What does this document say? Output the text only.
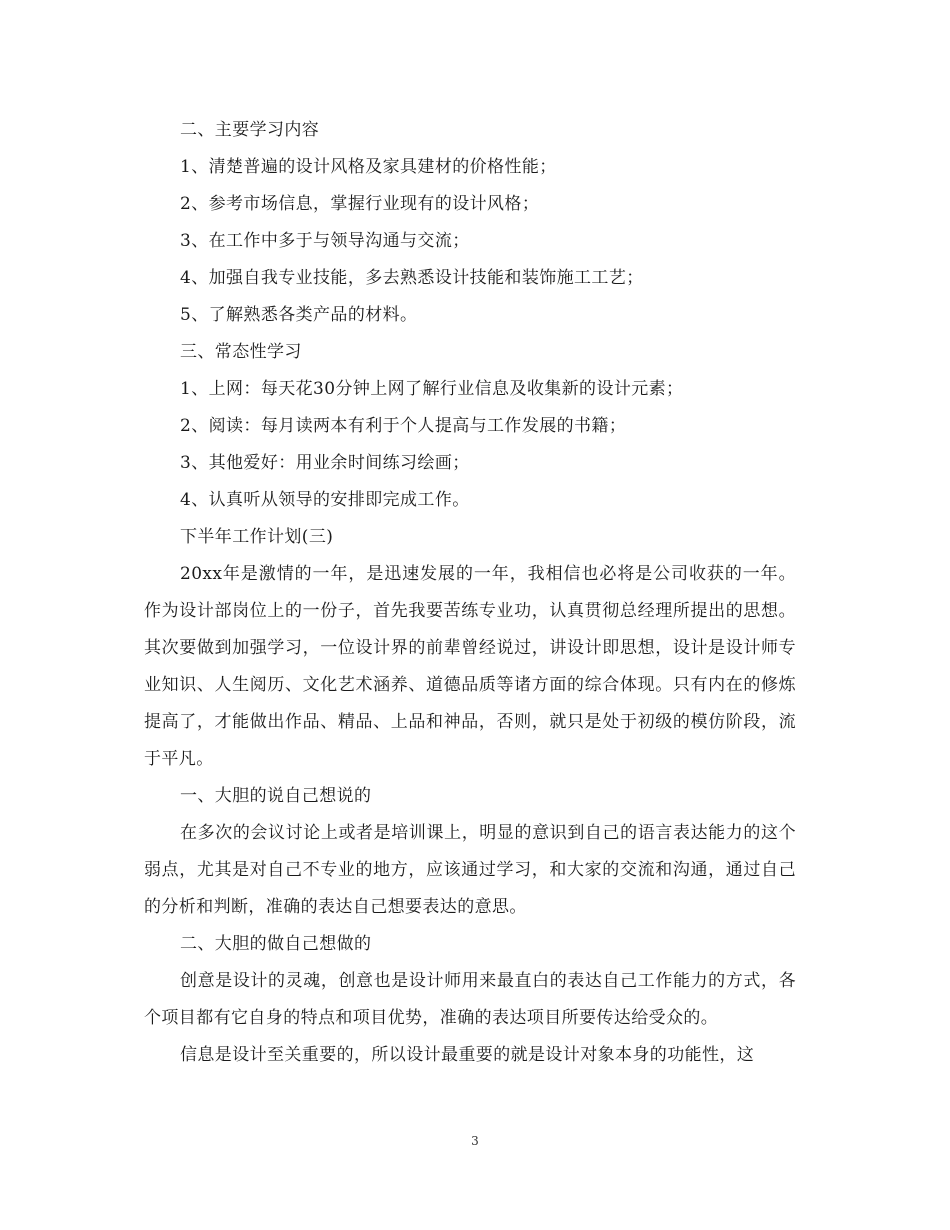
二、主要学习内容

1、清楚普遍的设计风格及家具建材的价格性能；

2、参考市场信息，掌握行业现有的设计风格；

3、在工作中多于与领导沟通与交流；

4、加强自我专业技能，多去熟悉设计技能和装饰施工工艺；

5、了解熟悉各类产品的材料。

三、常态性学习

1、上网：每天花30分钟上网了解行业信息及收集新的设计元素；

2、阅读：每月读两本有利于个人提高与工作发展的书籍；

3、其他爱好：用业余时间练习绘画；

4、认真听从领导的安排即完成工作。

下半年工作计划(三)

20xx年是激情的一年，是迅速发展的一年，我相信也必将是公司收获的一年。作为设计部岗位上的一份子，首先我要苦练专业功，认真贯彻总经理所提出的思想。其次要做到加强学习，一位设计界的前辈曾经说过，讲设计即思想，设计是设计师专业知识、人生阅历、文化艺术涵养、道德品质等诸方面的综合体现。只有内在的修炼提高了，才能做出作品、精品、上品和神品，否则，就只是处于初级的模仿阶段，流于平凡。

一、大胆的说自己想说的

在多次的会议讨论上或者是培训课上，明显的意识到自己的语言表达能力的这个弱点，尤其是对自己不专业的地方，应该通过学习，和大家的交流和沟通，通过自己的分析和判断，准确的表达自己想要表达的意思。

二、大胆的做自己想做的

创意是设计的灵魂，创意也是设计师用来最直白的表达自己工作能力的方式，各个项目都有它自身的特点和项目优势，准确的表达项目所要传达给受众的。

信息是设计至关重要的，所以设计最重要的就是设计对象本身的功能性，这

3
